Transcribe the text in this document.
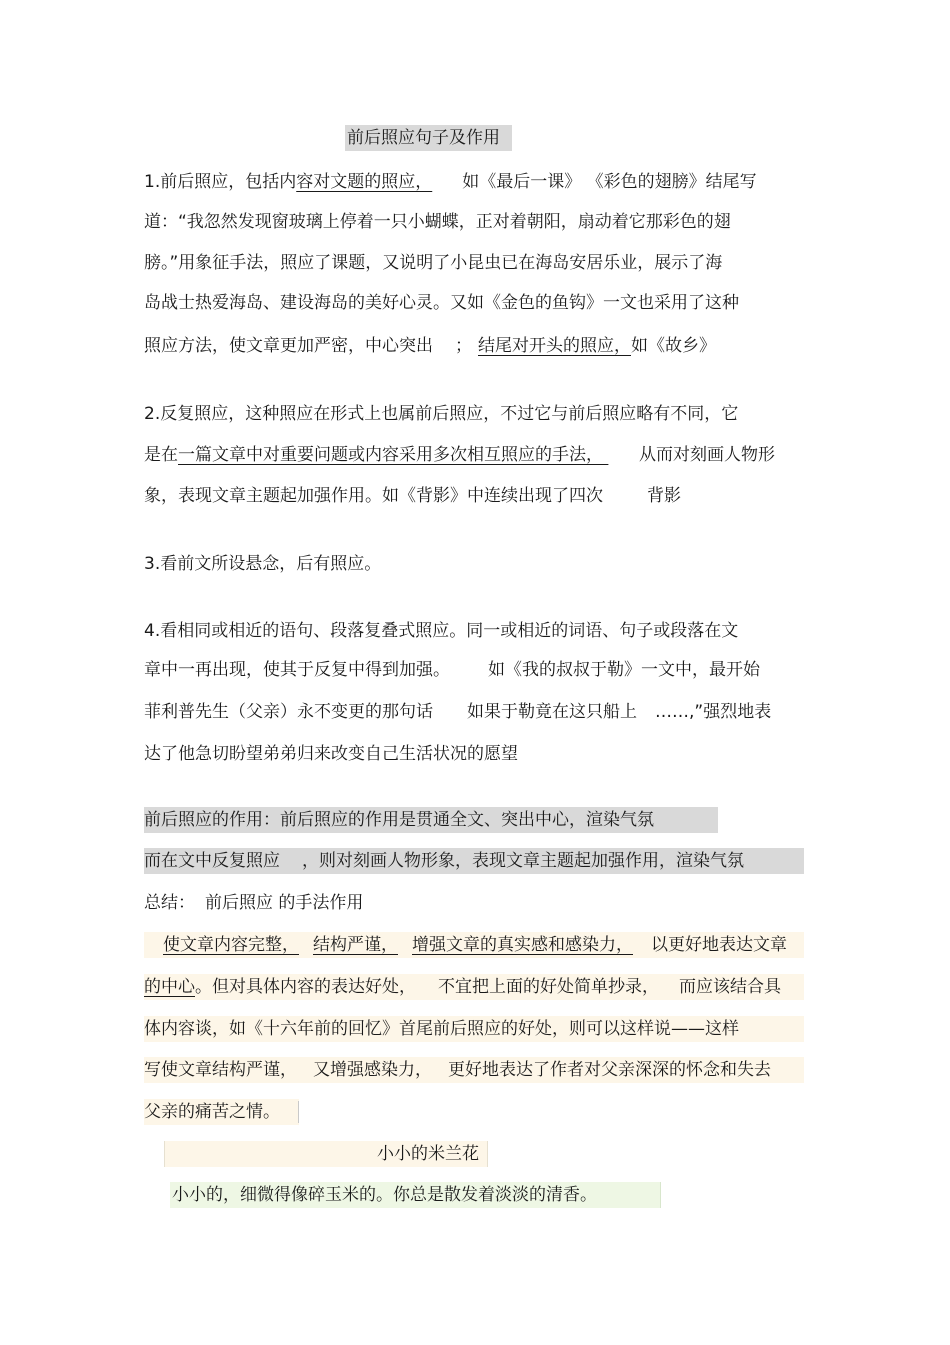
前后照应句子及作用
1.前后照应，包括内容对文题的照应， 如《最后一课》 《彩色的翅膀》结尾写
道：“我忽然发现窗玻璃上停着一只小蝴蝶，正对着朝阳，扇动着它那彩色的翅
膀。”用象征手法，照应了课题，又说明了小昆虫已在海岛安居乐业，展示了海
岛战士热爱海岛、建设海岛的美好心灵。又如《金色的鱼钩》一文也采用了这种
照应方法，使文章更加严密，中心突出 ； 结尾对开头的照应，如《故乡》
2.反复照应，这种照应在形式上也属前后照应，不过它与前后照应略有不同，它
是在一篇文章中对重要问题或内容采用多次相互照应的手法， 从而对刻画人物形
象，表现文章主题起加强作用。如《背影》中连续出现了四次	背影
3.看前文所设悬念，后有照应。
4.看相同或相近的语句、段落复叠式照应。同一或相近的词语、句子或段落在文
章中一再出现，使其于反复中得到加强。 如《我的叔叔于勒》一文中，最开始
菲利普先生（父亲）永不变更的那句话 如果于勒竟在这只船上 ……,”强烈地表
达了他急切盼望弟弟归来改变自己生活状况的愿望
前后照应的作用：前后照应的作用是贯通全文、突出中心，渲染气氛
而在文中反复照应 ，则对刻画人物形象，表现文章主题起加强作用，渲染气氛
总结： 前后照应 的手法作用
使文章内容完整， 结构严谨， 增强文章的真实感和感染力， 以更好地表达文章
的中心。但对具体内容的表达好处， 不宜把上面的好处简单抄录， 而应该结合具
体内容谈，如《十六年前的回忆》首尾前后照应的好处，则可以这样说——这样
写使文章结构严谨， 又增强感染力， 更好地表达了作者对父亲深深的怀念和失去
父亲的痛苦之情。
小小的米兰花
小小的，细微得像碎玉米的。你总是散发着淡淡的清香。
